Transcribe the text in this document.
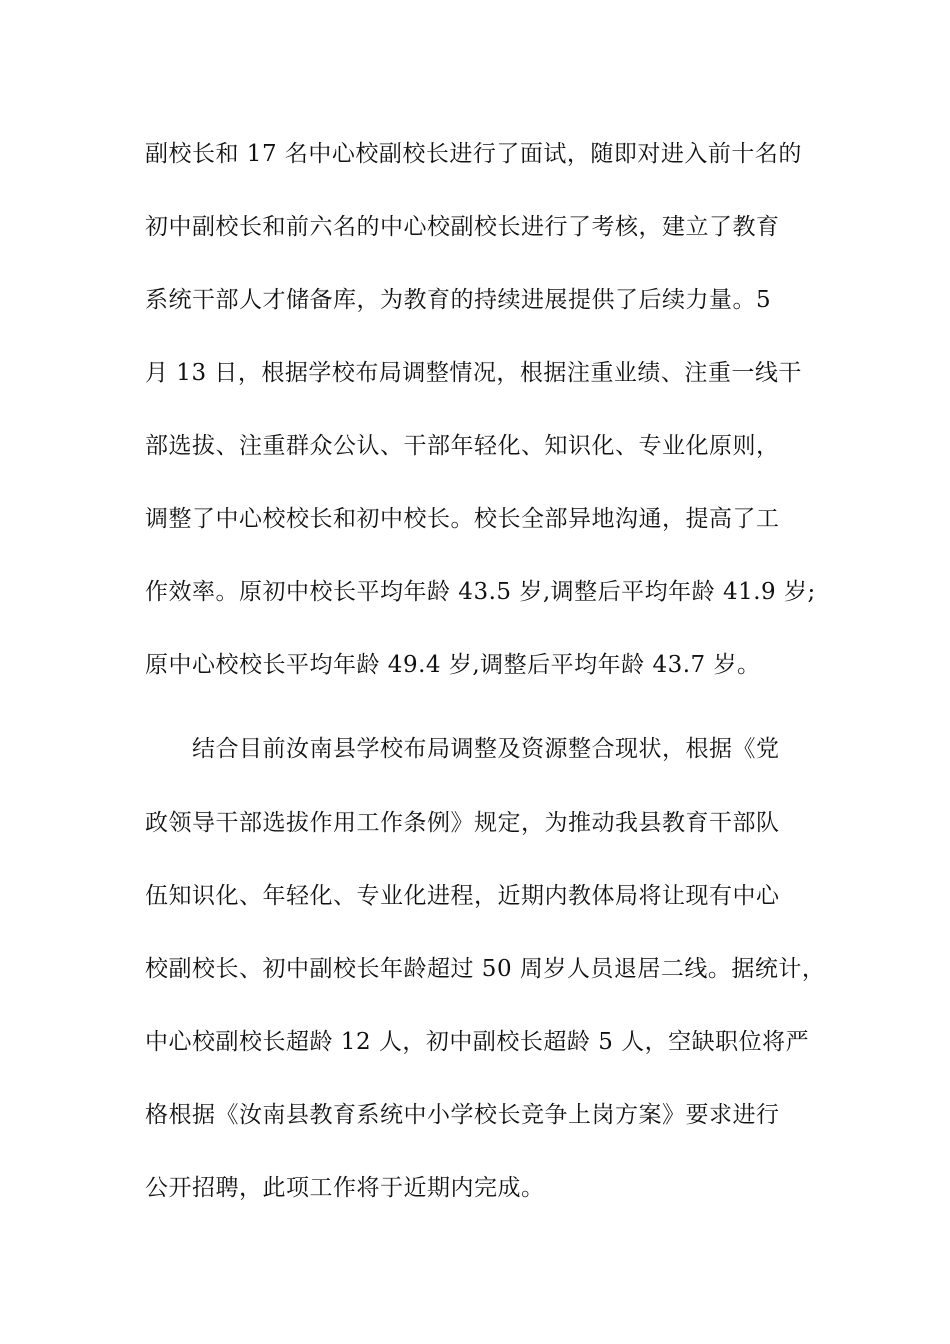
副校长和 17 名中心校副校长进行了面试，随即对进入前十名的
初中副校长和前六名的中心校副校长进行了考核，建立了教育
系统干部人才储备库，为教育的持续进展提供了后续力量。5
月 13 日，根据学校布局调整情况，根据注重业绩、注重一线干
部选拔、注重群众公认、干部年轻化、知识化、专业化原则，
调整了中心校校长和初中校长。校长全部异地沟通，提高了工
作效率。原初中校长平均年龄 43.5 岁,调整后平均年龄 41.9 岁;
原中心校校长平均年龄 49.4 岁,调整后平均年龄 43.7 岁。
结合目前汝南县学校布局调整及资源整合现状，根据《党
政领导干部选拔作用工作条例》规定，为推动我县教育干部队
伍知识化、年轻化、专业化进程，近期内教体局将让现有中心
校副校长、初中副校长年龄超过 50 周岁人员退居二线。据统计，
中心校副校长超龄 12 人，初中副校长超龄 5 人，空缺职位将严
格根据《汝南县教育系统中小学校长竞争上岗方案》要求进行
公开招聘，此项工作将于近期内完成。
